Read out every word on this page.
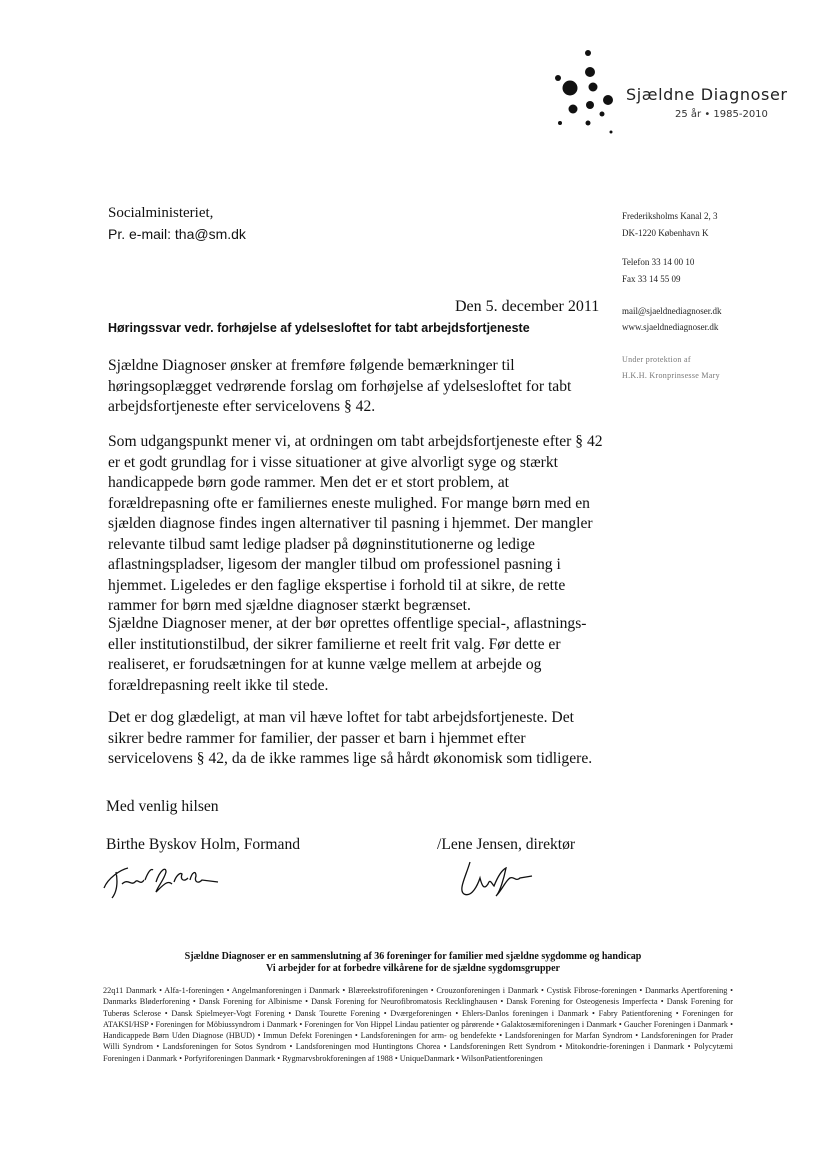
Sjældne Diagnoser
25 år • 1985-2010
Socialministeriet,
Pr. e-mail: tha@sm.dk
Frederiksholms Kanal 2, 3
DK-1220 København K
Telefon 33 14 00 10
Fax 33 14 55 09
mail@sjaeldnediagnoser.dk
www.sjaeldnediagnoser.dk
Under protektion af
H.K.H. Kronprinsesse Mary
Den 5. december 2011
Høringssvar vedr. forhøjelse af ydelsesloftet for tabt arbejdsfortjeneste

Sjældne Diagnoser ønsker at fremføre følgende bemærkninger til høringsoplægget vedrørende forslag om forhøjelse af ydelsesloftet for tabt arbejdsfortjeneste efter servicelovens § 42.

Som udgangspunkt mener vi, at ordningen om tabt arbejdsfortjeneste efter § 42 er et godt grundlag for i visse situationer at give alvorligt syge og stærkt handicappede børn gode rammer. Men det er et stort problem, at forældrepasning ofte er familiernes eneste mulighed. For mange børn med en sjælden diagnose findes ingen alternativer til pasning i hjemmet. Der mangler relevante tilbud samt ledige pladser på døgninstitutionerne og ledige aflastningspladser, ligesom der mangler tilbud om professionel pasning i hjemmet. Ligeledes er den faglige ekspertise i forhold til at sikre, de rette rammer for børn med sjældne diagnoser stærkt begrænset.

Sjældne Diagnoser mener, at der bør oprettes offentlige special-, aflastnings- eller institutionstilbud, der sikrer familierne et reelt frit valg. Før dette er realiseret, er forudsætningen for at kunne vælge mellem at arbejde og forældrepasning reelt ikke til stede.

Det er dog glædeligt, at man vil hæve loftet for tabt arbejdsfortjeneste. Det sikrer bedre rammer for familier, der passer et barn i hjemmet efter servicelovens § 42, da de ikke rammes lige så hårdt økonomisk som tidligere.

Med venlig hilsen
Birthe Byskov Holm, Formand	/Lene Jensen, direktør
Sjældne Diagnoser er en sammenslutning af 36 foreninger for familier med sjældne sygdomme og handicap
Vi arbejder for at forbedre vilkårene for de sjældne sygdomsgrupper
22q11 Danmark • Alfa-1-foreningen • Angelmanforeningen i Danmark • Blæreekstrofiforeningen • Crouzonforeningen i Danmark • Cystisk Fibrose-foreningen • Danmarks Apertforening • Danmarks Bløderforening • Dansk Forening for Albinisme • Dansk Forening for Neurofibromatosis Recklinghausen • Dansk Forening for Osteogenesis Imperfecta • Dansk Forening for Tuberøs Sclerose • Dansk Spielmeyer-Vogt Forening • Dansk Tourette Forening • Dværgeforeningen • Ehlers-Danlos foreningen i Danmark • Fabry Patientforening • Foreningen for ATAKSI/HSP • Foreningen for Möbiussyndrom i Danmark • Foreningen for Von Hippel Lindau patienter og pårørende • Galaktosæmiforeningen i Danmark • Gaucher Foreningen i Danmark • Handicappede Børn Uden Diagnose (HBUD) • Immun Defekt Foreningen • Landsforeningen for arm- og bendefekte • Landsforeningen for Marfan Syndrom • Landsforeningen for Prader Willi Syndrom • Landsforeningen for Sotos Syndrom • Landsforeningen mod Huntingtons Chorea • Landsforeningen Rett Syndrom • Mitokondrie-foreningen i Danmark • Polycytæmi Foreningen i Danmark • Porfyriforeningen Danmark • Rygmarvsbrokforeningen af 1988 • UniqueDanmark • WilsonPatientforeningen
